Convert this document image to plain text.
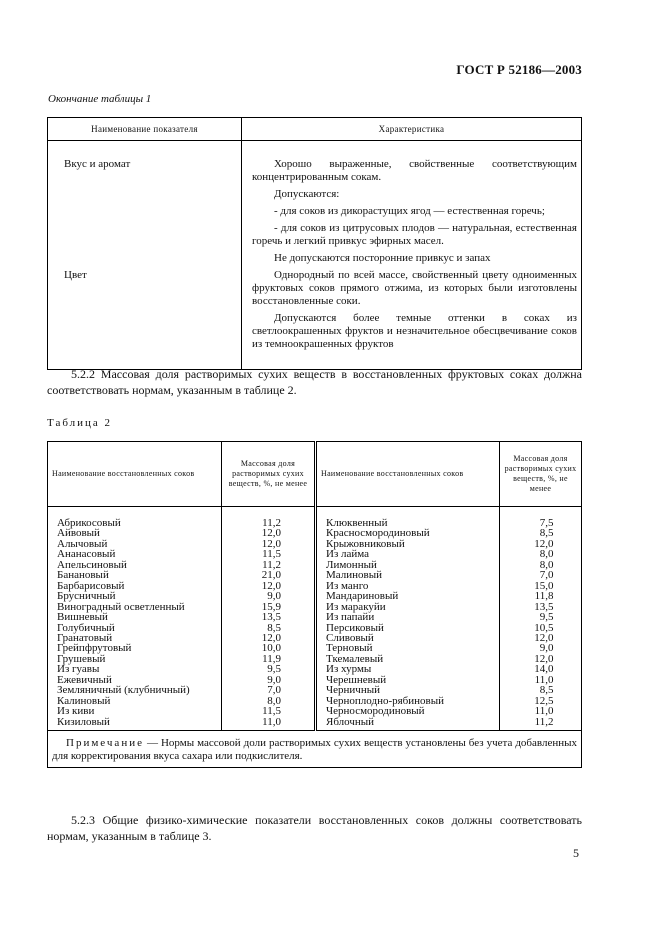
ГОСТ Р 52186—2003
Окончание таблицы 1
Наименование показателя	Характеристика
Вкус и аромат	Хорошо выраженные, свойственные соответствующим концентрированным сокам.

Допускаются:

- для соков из дикорастущих ягод — естественная горечь;

- для соков из цитрусовых плодов — натуральная, естественная горечь и легкий привкус эфирных масел.

Не допускаются посторонние привкус и запах

Цвет	Однородный по всей массе, свойственный цвету одноименных фруктовых соков прямого отжима, из которых были изготовлены восстановленные соки.

Допускаются более темные оттенки в соках из светлоокрашенных фруктов и незначительное обесцвечивание соков из темноокрашенных фруктов

5.2.2 Массовая доля растворимых сухих веществ в восстановленных фруктовых соках должна соответствовать нормам, указанным в таблице 2.
Таблица 2
Наименование восстановленных соков	Массовая доля растворимых сухих веществ, %, не менее	Наименование восстановленных соков	Массовая доля растворимых сухих веществ, %, не менее
Абрикосовый	11,2	Клюквенный	7,5
Айвовый	12,0	Красносмородиновый	8,5
Алычовый	12,0	Крыжовниковый	12,0
Ананасовый	11,5	Из лайма	8,0
Апельсиновый	11,2	Лимонный	8,0
Банановый	21,0	Малиновый	7,0
Барбарисовый	12,0	Из манго	15,0
Брусничный	9,0	Мандариновый	11,8
Виноградный осветленный	15,9	Из маракуйи	13,5
Вишневый	13,5	Из папайи	9,5
Голубичный	8,5	Персиковый	10,5
Гранатовый	12,0	Сливовый	12,0
Грейпфрутовый	10,0	Терновый	9,0
Грушевый	11,9	Ткемалевый	12,0
Из гуавы	9,5	Из хурмы	14,0
Ежевичный	9,0	Черешневый	11,0
Земляничный (клубничный)	7,0	Черничный	8,5
Калиновый	8,0	Черноплодно-рябиновый	12,5
Из киви	11,5	Черносмородиновый	11,0
Кизиловый	11,0	Яблочный	11,2
Примечание — Нормы массовой доли растворимых сухих веществ установлены без учета добавленных для корректирования вкуса сахара или подкислителя.			
5.2.3 Общие физико-химические показатели восстановленных соков должны соответствовать нормам, указанным в таблице 3.
5
